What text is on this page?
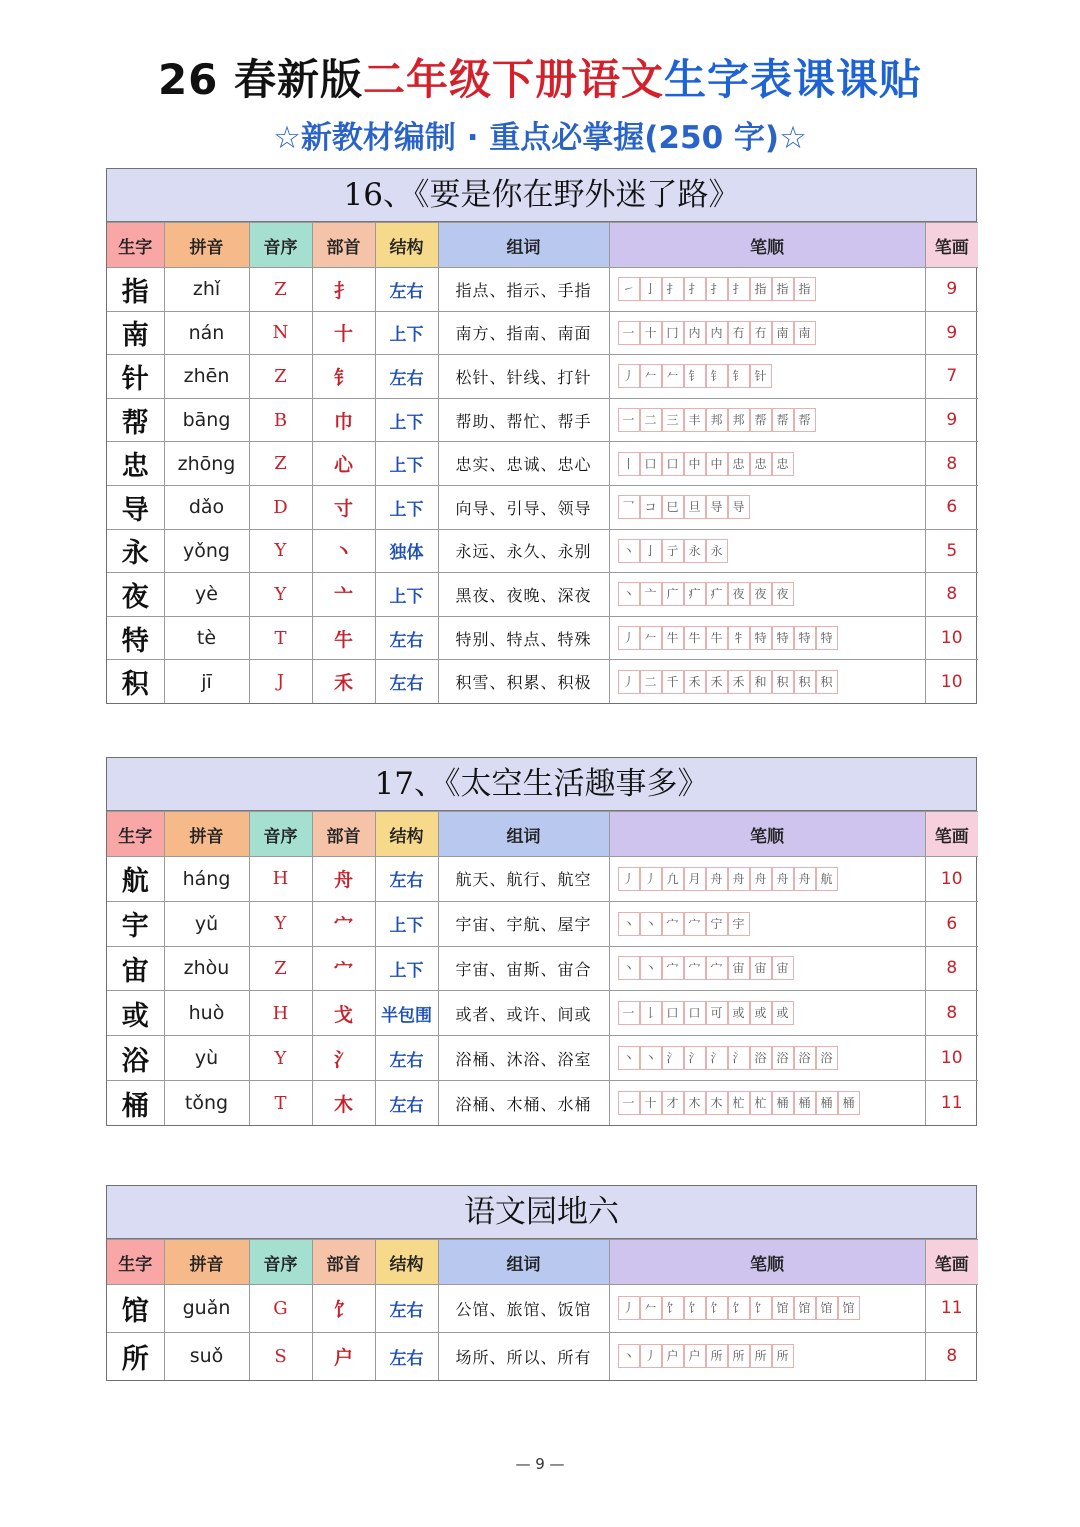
26 春新版二年级下册语文生字表课课贴
☆新教材编制 · 重点必掌握(250 字)☆
16、《要是你在野外迷了路》
生字	拼音	音序	部首	结构	组词	笔顺	笔画
指	zhǐ	Z	扌	左右	指点、指示、手指	㇀ 亅 扌 扌 扌 扌 指 指 指	9
南	nán	N	十	上下	南方、指南、南面	一 十 冂 内 内 冇 冇 南 南	9
针	zhēn	Z	钅	左右	松针、针线、打针	丿 𠂉 𠂉 钅 钅 钅 针	7
帮	bāng	B	巾	上下	帮助、帮忙、帮手	一 二 三 丰 邦 邦 帮 帮 帮	9
忠	zhōng	Z	心	上下	忠实、忠诚、忠心	丨 口 口 中 中 忠 忠 忠	8
导	dǎo	D	寸	上下	向导、引导、领导	乛 コ 巳 旦 导 导	6
永	yǒng	Y	丶	独体	永远、永久、永别	丶 亅 亍 永 永	5
夜	yè	Y	亠	上下	黑夜、夜晚、深夜	丶 亠 广 疒 疒 夜 夜 夜	8
特	tè	T	牛	左右	特别、特点、特殊	丿 𠂉 牛 牛 牛 牜 特 特 特 特	10
积	jī	J	禾	左右	积雪、积累、积极	丿 二 千 禾 禾 禾 和 积 积 积	10
17、《太空生活趣事多》
生字	拼音	音序	部首	结构	组词	笔顺	笔画
航	háng	H	舟	左右	航天、航行、航空	丿 丿 凢 月 舟 舟 舟 舟 舟 航	10
宇	yǔ	Y	宀	上下	宇宙、宇航、屋宇	丶 丶 宀 宀 宁 宇	6
宙	zhòu	Z	宀	上下	宇宙、宙斯、宙合	丶 丶 宀 宀 宀 宙 宙 宙	8
或	huò	H	戈	半包围	或者、或许、间或	一 𠄌 口 口 可 或 或 或	8
浴	yù	Y	氵	左右	浴桶、沐浴、浴室	丶 丶 氵 氵 氵 氵 浴 浴 浴 浴	10
桶	tǒng	T	木	左右	浴桶、木桶、水桶	一 十 才 木 木 杧 杧 桶 桶 桶 桶	11
语文园地六
生字	拼音	音序	部首	结构	组词	笔顺	笔画
馆	guǎn	G	饣	左右	公馆、旅馆、饭馆	丿 𠂉 饣 饣 饣 饣 饣 馆 馆 馆 馆	11
所	suǒ	S	户	左右	场所、所以、所有	丶 丿 户 户 所 所 所 所	8
— 9 —
